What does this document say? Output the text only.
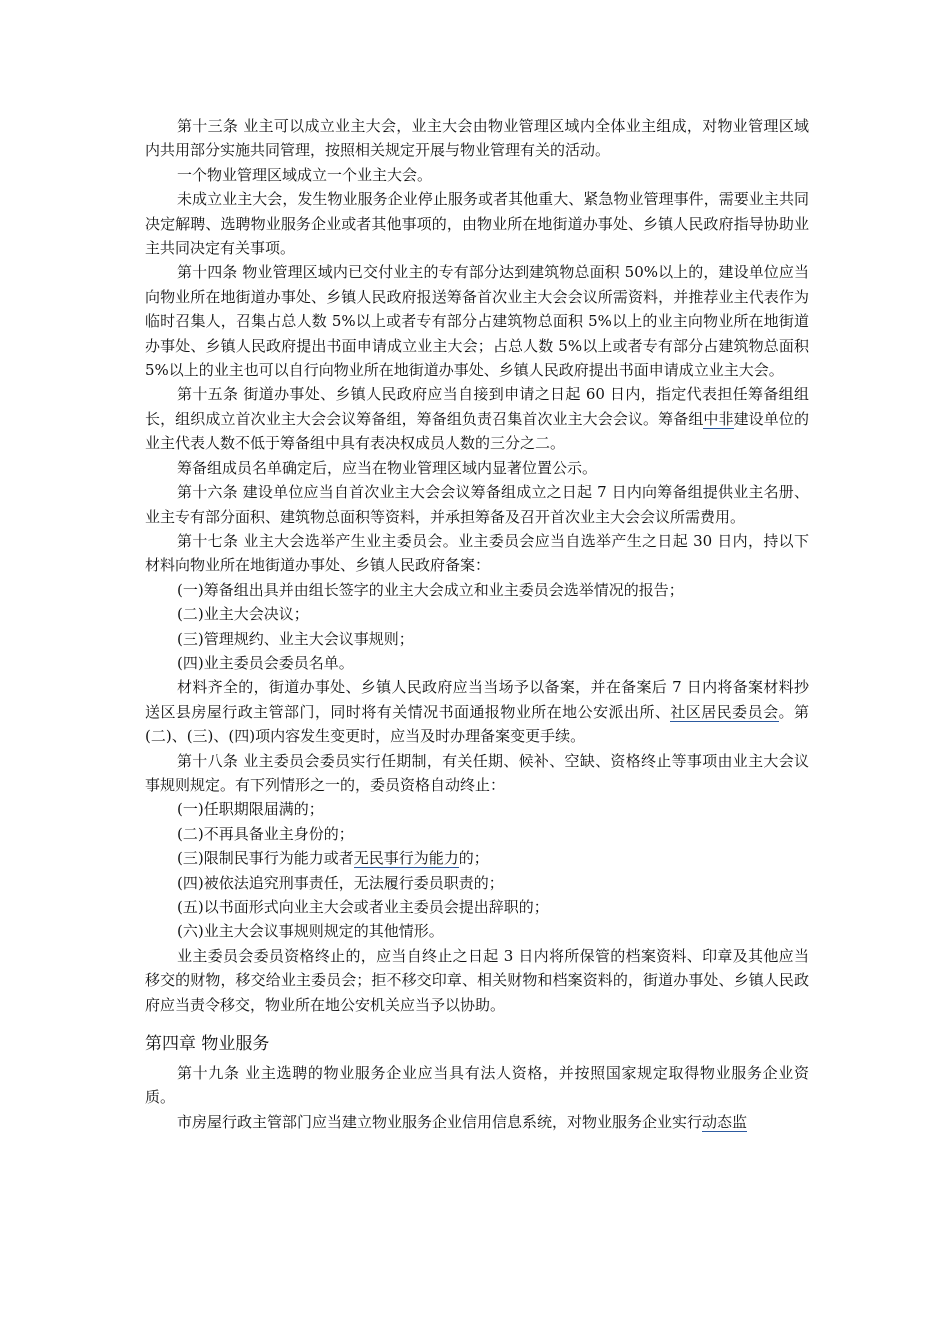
第十三条 业主可以成立业主大会，业主大会由物业管理区域内全体业主组成，对物业管理区域内共用部分实施共同管理，按照相关规定开展与物业管理有关的活动。

一个物业管理区域成立一个业主大会。

未成立业主大会，发生物业服务企业停止服务或者其他重大、紧急物业管理事件，需要业主共同决定解聘、选聘物业服务企业或者其他事项的，由物业所在地街道办事处、乡镇人民政府指导协助业主共同决定有关事项。

第十四条 物业管理区域内已交付业主的专有部分达到建筑物总面积 50%以上的，建设单位应当向物业所在地街道办事处、乡镇人民政府报送筹备首次业主大会会议所需资料，并推荐业主代表作为临时召集人，召集占总人数 5%以上或者专有部分占建筑物总面积 5%以上的业主向物业所在地街道办事处、乡镇人民政府提出书面申请成立业主大会；占总人数 5%以上或者专有部分占建筑物总面积 5%以上的业主也可以自行向物业所在地街道办事处、乡镇人民政府提出书面申请成立业主大会。

第十五条 街道办事处、乡镇人民政府应当自接到申请之日起 60 日内，指定代表担任筹备组组长，组织成立首次业主大会会议筹备组，筹备组负责召集首次业主大会会议。筹备组中非建设单位的业主代表人数不低于筹备组中具有表决权成员人数的三分之二。

筹备组成员名单确定后，应当在物业管理区域内显著位置公示。

第十六条 建设单位应当自首次业主大会会议筹备组成立之日起 7 日内向筹备组提供业主名册、业主专有部分面积、建筑物总面积等资料，并承担筹备及召开首次业主大会会议所需费用。

第十七条 业主大会选举产生业主委员会。业主委员会应当自选举产生之日起 30 日内，持以下材料向物业所在地街道办事处、乡镇人民政府备案：

(一)筹备组出具并由组长签字的业主大会成立和业主委员会选举情况的报告；

(二)业主大会决议；

(三)管理规约、业主大会议事规则；

(四)业主委员会委员名单。

材料齐全的，街道办事处、乡镇人民政府应当当场予以备案，并在备案后 7 日内将备案材料抄送区县房屋行政主管部门，同时将有关情况书面通报物业所在地公安派出所、社区居民委员会。第(二)、(三)、(四)项内容发生变更时，应当及时办理备案变更手续。

第十八条 业主委员会委员实行任期制，有关任期、候补、空缺、资格终止等事项由业主大会议事规则规定。有下列情形之一的，委员资格自动终止：

(一)任职期限届满的；

(二)不再具备业主身份的；

(三)限制民事行为能力或者无民事行为能力的；

(四)被依法追究刑事责任，无法履行委员职责的；

(五)以书面形式向业主大会或者业主委员会提出辞职的；

(六)业主大会议事规则规定的其他情形。

业主委员会委员资格终止的，应当自终止之日起 3 日内将所保管的档案资料、印章及其他应当移交的财物，移交给业主委员会；拒不移交印章、相关财物和档案资料的，街道办事处、乡镇人民政府应当责令移交，物业所在地公安机关应当予以协助。

第四章 物业服务

第十九条 业主选聘的物业服务企业应当具有法人资格，并按照国家规定取得物业服务企业资质。

市房屋行政主管部门应当建立物业服务企业信用信息系统，对物业服务企业实行动态监
